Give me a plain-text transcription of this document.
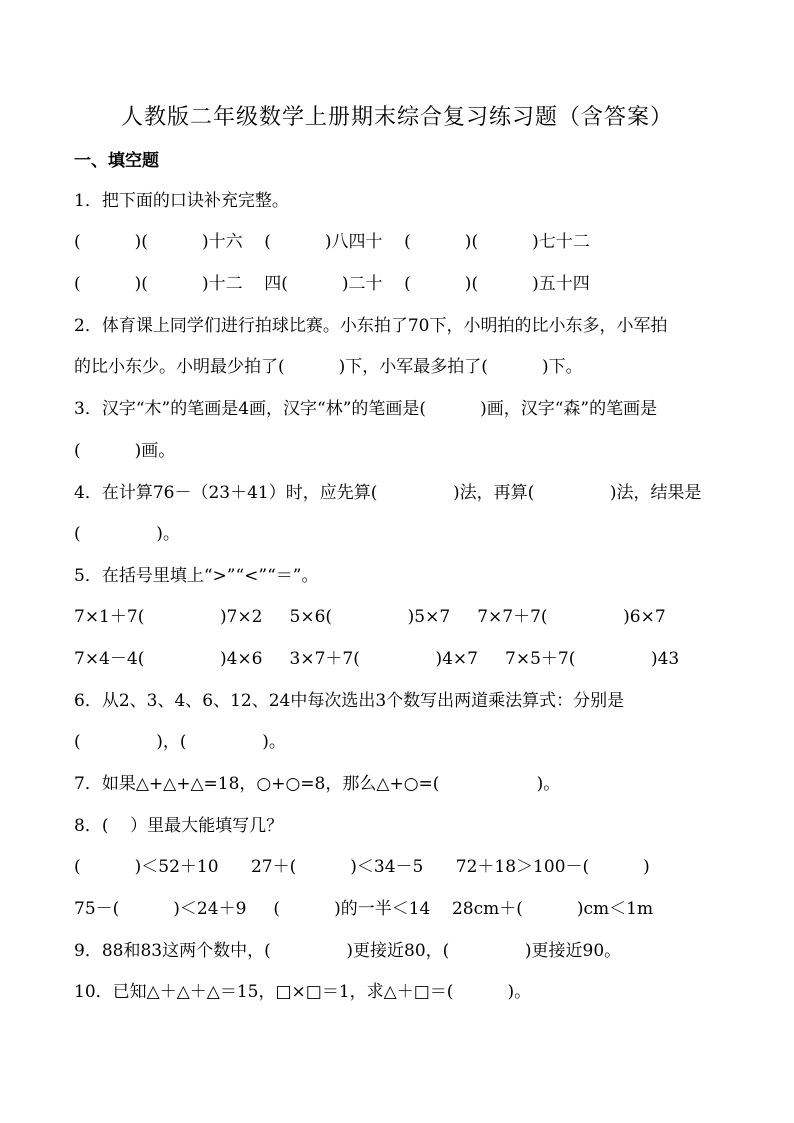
人教版二年级数学上册期末综合复习练习题（含答案）
一、填空题
1．把下面的口诀补充完整。
(          )(          )十六    (          )八四十    (          )(          )七十二
(          )(          )十二    四(          )二十    (          )(          )五十四
2．体育课上同学们进行拍球比赛。小东拍了70下，小明拍的比小东多，小军拍
的比小东少。小明最少拍了(          )下，小军最多拍了(          )下。
3．汉字“木”的笔画是4画，汉字“林”的笔画是(          )画，汉字“森”的笔画是
(          )画。
4．在计算76－（23＋41）时，应先算(              )法，再算(              )法，结果是
(              )。
5．在括号里填上“>”“<”“＝”。
7×1＋7(              )7×2     5×6(              )5×7     7×7＋7(              )6×7
7×4－4(              )4×6     3×7＋7(              )4×7     7×5＋7(              )43
6．从2、3、4、6、12、24中每次选出3个数写出两道乘法算式：分别是
(              )，(              )。
7．如果△+△+△=18，○+○=8，那么△+○=(                  )。
8．(    ）里最大能填写几？
(          )＜52＋10      27＋(          )＜34－5      72＋18＞100－(          )
75－(          )＜24＋9     (          )的一半＜14    28cm＋(          )cm＜1m
9．88和83这两个数中，(              )更接近80，(              )更接近90。
10．已知△＋△＋△＝15，□×□＝1，求△＋□＝(          )。
